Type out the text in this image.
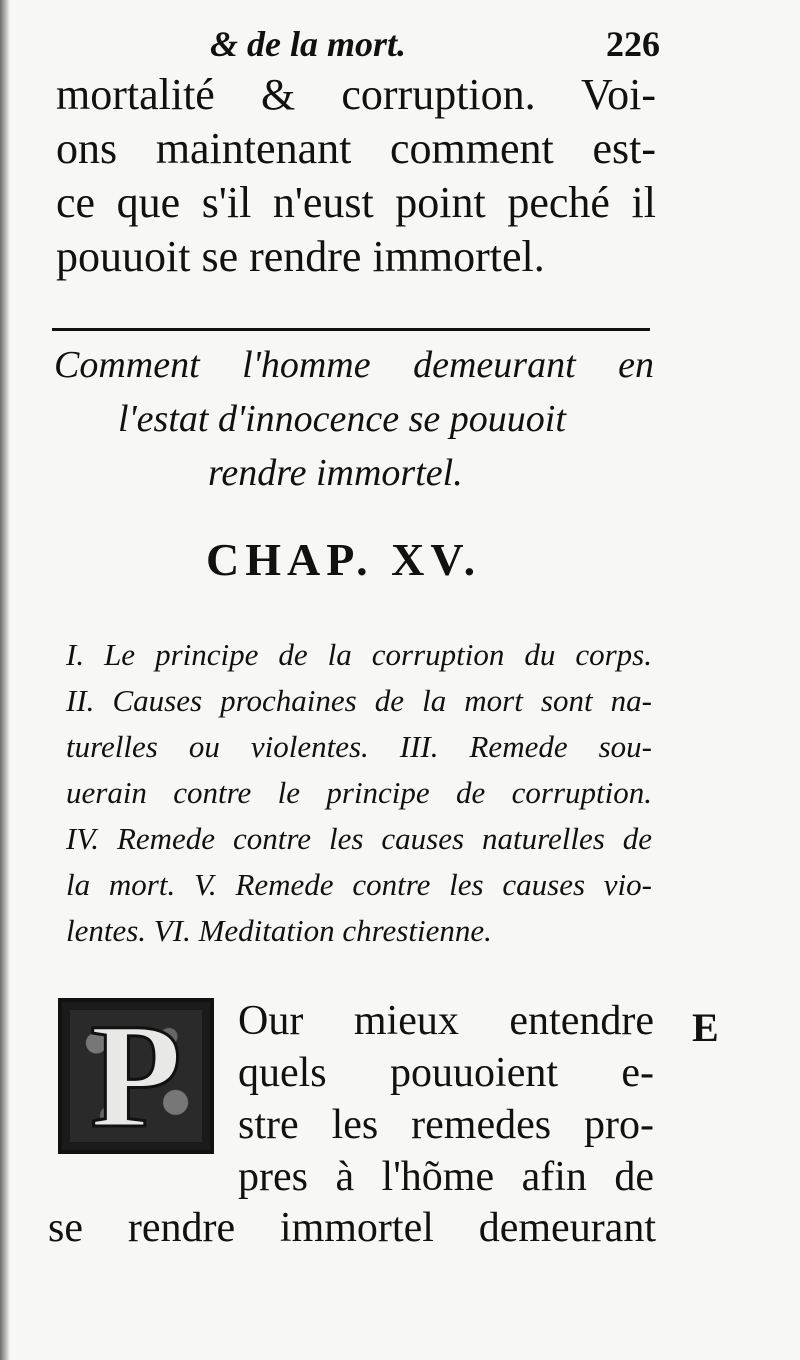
& de la mort.	226

mortalité & corruption. Voi-

ons maintenant comment est-

ce que s'il n'eust point peché il

pouuoit se rendre immortel.

Comment l'homme demeurant en

l'estat d'innocence se pouuoit

rendre immortel.

CHAP. XV.

I. Le principe de la corruption du corps.

II. Causes prochaines de la mort sont na-

turelles ou violentes. III. Remede sou-

uerain contre le principe de corruption.

IV. Remede contre les causes naturelles de

la mort. V. Remede contre les causes vio-

lentes. VI. Meditation chrestienne.

P	Our mieux entendre

quels pouuoient e-

stre les remedes pro-

pres à l'hõme afin de

se rendre immortel demeurant
E
